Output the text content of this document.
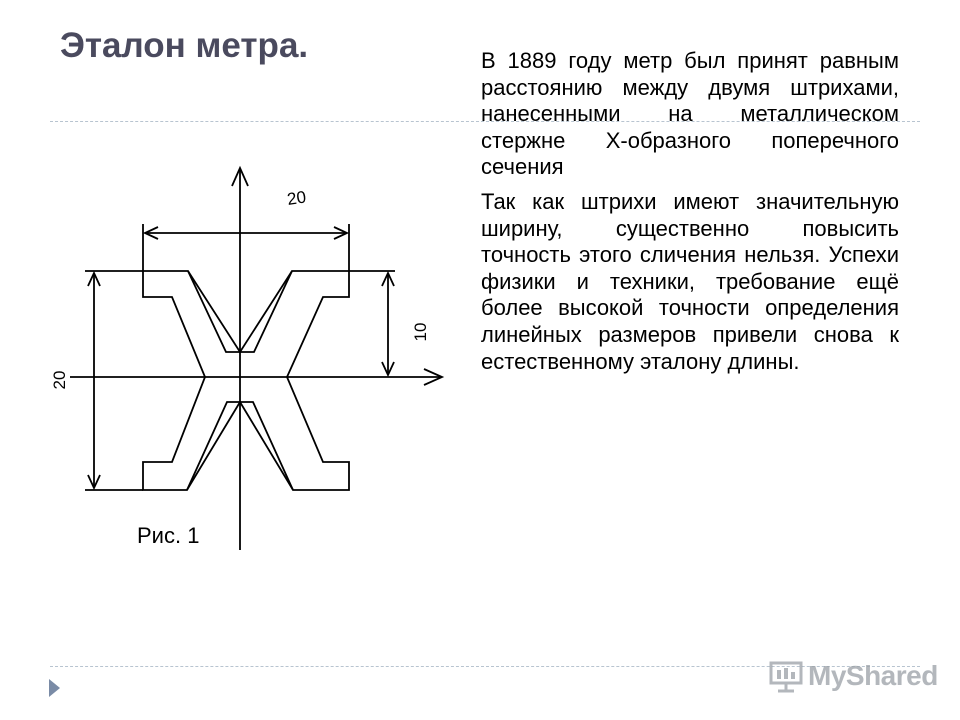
Эталон метра.	В 1889 году метр был принят равным расстоянию между двумя штрихами, нанесенными на металлическом стержне Х-образного поперечного сечения

Так как штрихи имеют значительную ширину, существенно повысить точность этого сличения нельзя. Успехи физики и техники, требование ещё более высокой точности определения линейных размеров привели снова к естественному эталону длины.

20
10
20
Рис. 1
MyShared
